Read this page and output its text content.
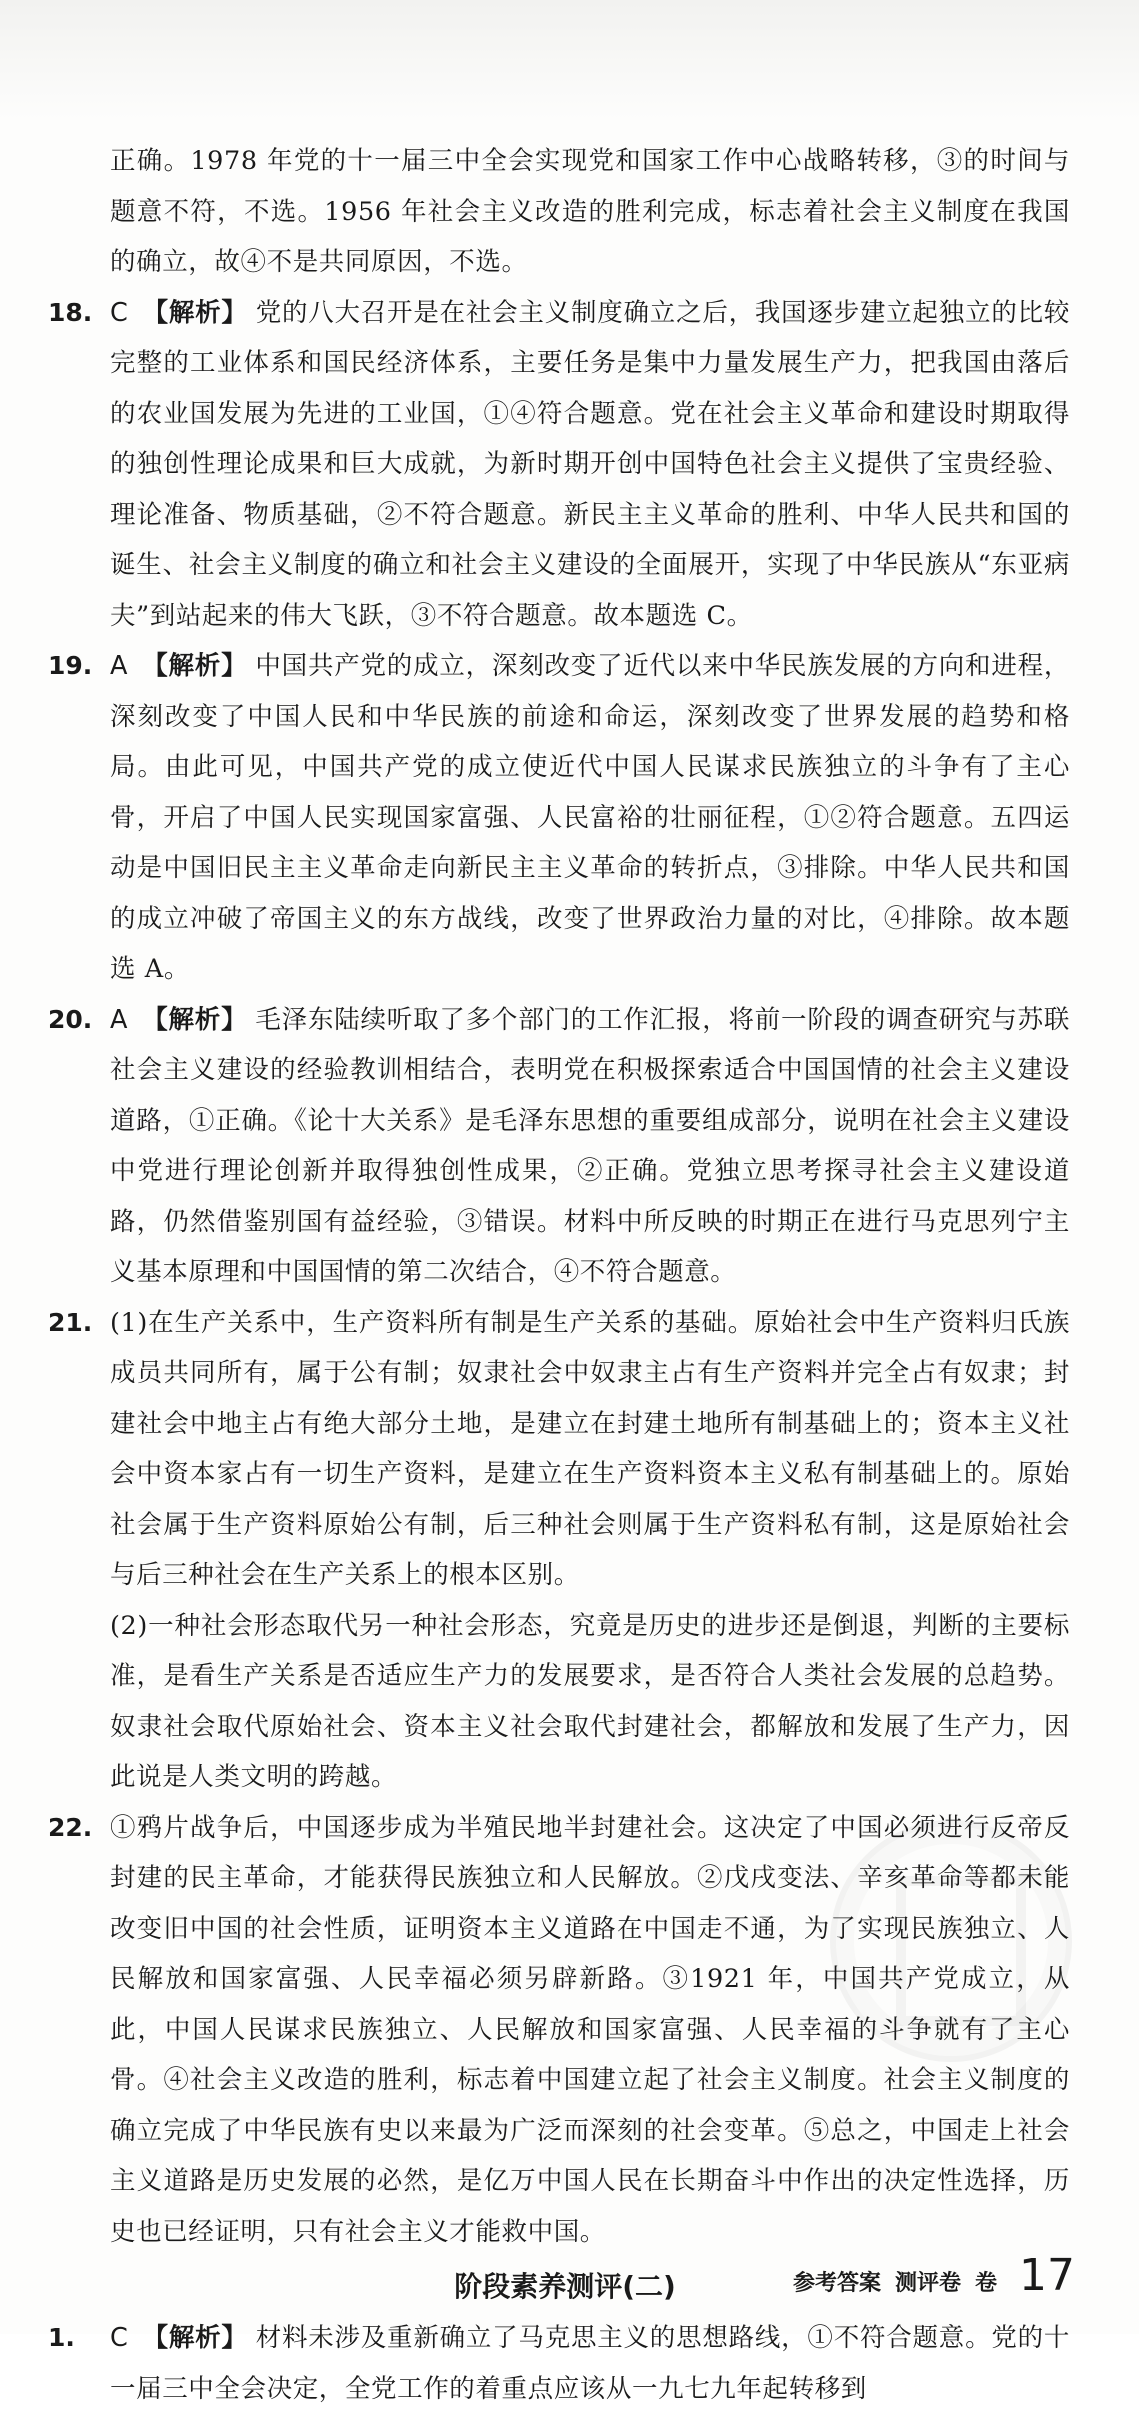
正确。1978 年党的十一届三中全会实现党和国家工作中心战略转移，③的时间与题意不符，不选。1956 年社会主义改造的胜利完成，标志着社会主义制度在我国的确立，故④不是共同原因，不选。

18. C 【解析】 党的八大召开是在社会主义制度确立之后，我国逐步建立起独立的比较完整的工业体系和国民经济体系，主要任务是集中力量发展生产力，把我国由落后的农业国发展为先进的工业国，①④符合题意。党在社会主义革命和建设时期取得的独创性理论成果和巨大成就，为新时期开创中国特色社会主义提供了宝贵经验、理论准备、物质基础，②不符合题意。新民主主义革命的胜利、中华人民共和国的诞生、社会主义制度的确立和社会主义建设的全面展开，实现了中华民族从“东亚病夫”到站起来的伟大飞跃，③不符合题意。故本题选 C。

19. A 【解析】 中国共产党的成立，深刻改变了近代以来中华民族发展的方向和进程，深刻改变了中国人民和中华民族的前途和命运，深刻改变了世界发展的趋势和格局。由此可见，中国共产党的成立使近代中国人民谋求民族独立的斗争有了主心骨，开启了中国人民实现国家富强、人民富裕的壮丽征程，①②符合题意。五四运动是中国旧民主主义革命走向新民主主义革命的转折点，③排除。中华人民共和国的成立冲破了帝国主义的东方战线，改变了世界政治力量的对比，④排除。故本题选 A。

20. A 【解析】 毛泽东陆续听取了多个部门的工作汇报，将前一阶段的调查研究与苏联社会主义建设的经验教训相结合，表明党在积极探索适合中国国情的社会主义建设道路，①正确。《论十大关系》是毛泽东思想的重要组成部分，说明在社会主义建设中党进行理论创新并取得独创性成果，②正确。党独立思考探寻社会主义建设道路，仍然借鉴别国有益经验，③错误。材料中所反映的时期正在进行马克思列宁主义基本原理和中国国情的第二次结合，④不符合题意。

21. (1)在生产关系中，生产资料所有制是生产关系的基础。原始社会中生产资料归氏族成员共同所有，属于公有制；奴隶社会中奴隶主占有生产资料并完全占有奴隶；封建社会中地主占有绝大部分土地，是建立在封建土地所有制基础上的；资本主义社会中资本家占有一切生产资料，是建立在生产资料资本主义私有制基础上的。原始社会属于生产资料原始公有制，后三种社会则属于生产资料私有制，这是原始社会与后三种社会在生产关系上的根本区别。

(2)一种社会形态取代另一种社会形态，究竟是历史的进步还是倒退，判断的主要标准，是看生产关系是否适应生产力的发展要求，是否符合人类社会发展的总趋势。奴隶社会取代原始社会、资本主义社会取代封建社会，都解放和发展了生产力，因此说是人类文明的跨越。

22. ①鸦片战争后，中国逐步成为半殖民地半封建社会。这决定了中国必须进行反帝反封建的民主革命，才能获得民族独立和人民解放。②戊戌变法、辛亥革命等都未能改变旧中国的社会性质，证明资本主义道路在中国走不通，为了实现民族独立、人民解放和国家富强、人民幸福必须另辟新路。③1921 年，中国共产党成立，从此，中国人民谋求民族独立、人民解放和国家富强、人民幸福的斗争就有了主心骨。④社会主义改造的胜利，标志着中国建立起了社会主义制度。社会主义制度的确立完成了中华民族有史以来最为广泛而深刻的社会变革。⑤总之，中国走上社会主义道路是历史发展的必然，是亿万中国人民在长期奋斗中作出的决定性选择，历史也已经证明，只有社会主义才能救中国。

阶段素养测评(二)
1. C 【解析】 材料未涉及重新确立了马克思主义的思想路线，①不符合题意。党的十一届三中全会决定，全党工作的着重点应该从一九七九年起转移到

参考答案 测评卷 卷 17
